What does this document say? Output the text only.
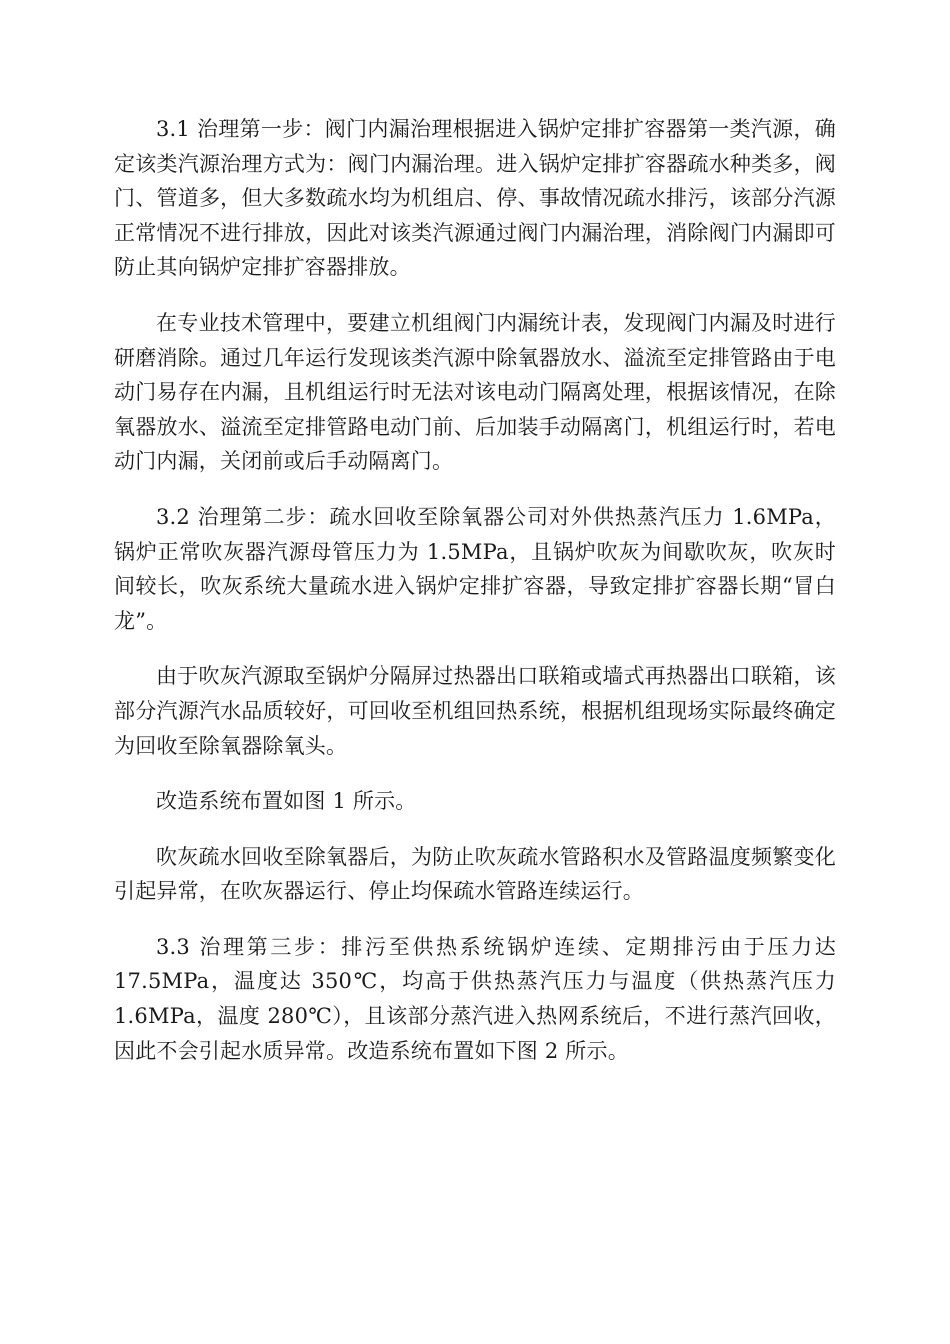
3.1 治理第一步：阀门内漏治理根据进入锅炉定排扩容器第一类汽源，确定该类汽源治理方式为：阀门内漏治理。进入锅炉定排扩容器疏水种类多，阀门、管道多，但大多数疏水均为机组启、停、事故情况疏水排污，该部分汽源正常情况不进行排放，因此对该类汽源通过阀门内漏治理，消除阀门内漏即可防止其向锅炉定排扩容器排放。

在专业技术管理中，要建立机组阀门内漏统计表，发现阀门内漏及时进行研磨消除。通过几年运行发现该类汽源中除氧器放水、溢流至定排管路由于电动门易存在内漏，且机组运行时无法对该电动门隔离处理，根据该情况，在除氧器放水、溢流至定排管路电动门前、后加装手动隔离门，机组运行时，若电动门内漏，关闭前或后手动隔离门。

3.2 治理第二步：疏水回收至除氧器公司对外供热蒸汽压力 1.6MPa，锅炉正常吹灰器汽源母管压力为 1.5MPa，且锅炉吹灰为间歇吹灰，吹灰时间较长，吹灰系统大量疏水进入锅炉定排扩容器，导致定排扩容器长期“冒白龙”。

由于吹灰汽源取至锅炉分隔屏过热器出口联箱或墙式再热器出口联箱，该部分汽源汽水品质较好，可回收至机组回热系统，根据机组现场实际最终确定为回收至除氧器除氧头。

改造系统布置如图 1 所示。

吹灰疏水回收至除氧器后，为防止吹灰疏水管路积水及管路温度频繁变化引起异常，在吹灰器运行、停止均保疏水管路连续运行。

3.3 治理第三步：排污至供热系统锅炉连续、定期排污由于压力达 17.5MPa，温度达 350℃，均高于供热蒸汽压力与温度（供热蒸汽压力 1.6MPa，温度 280℃），且该部分蒸汽进入热网系统后，不进行蒸汽回收，因此不会引起水质异常。改造系统布置如下图 2 所示。
